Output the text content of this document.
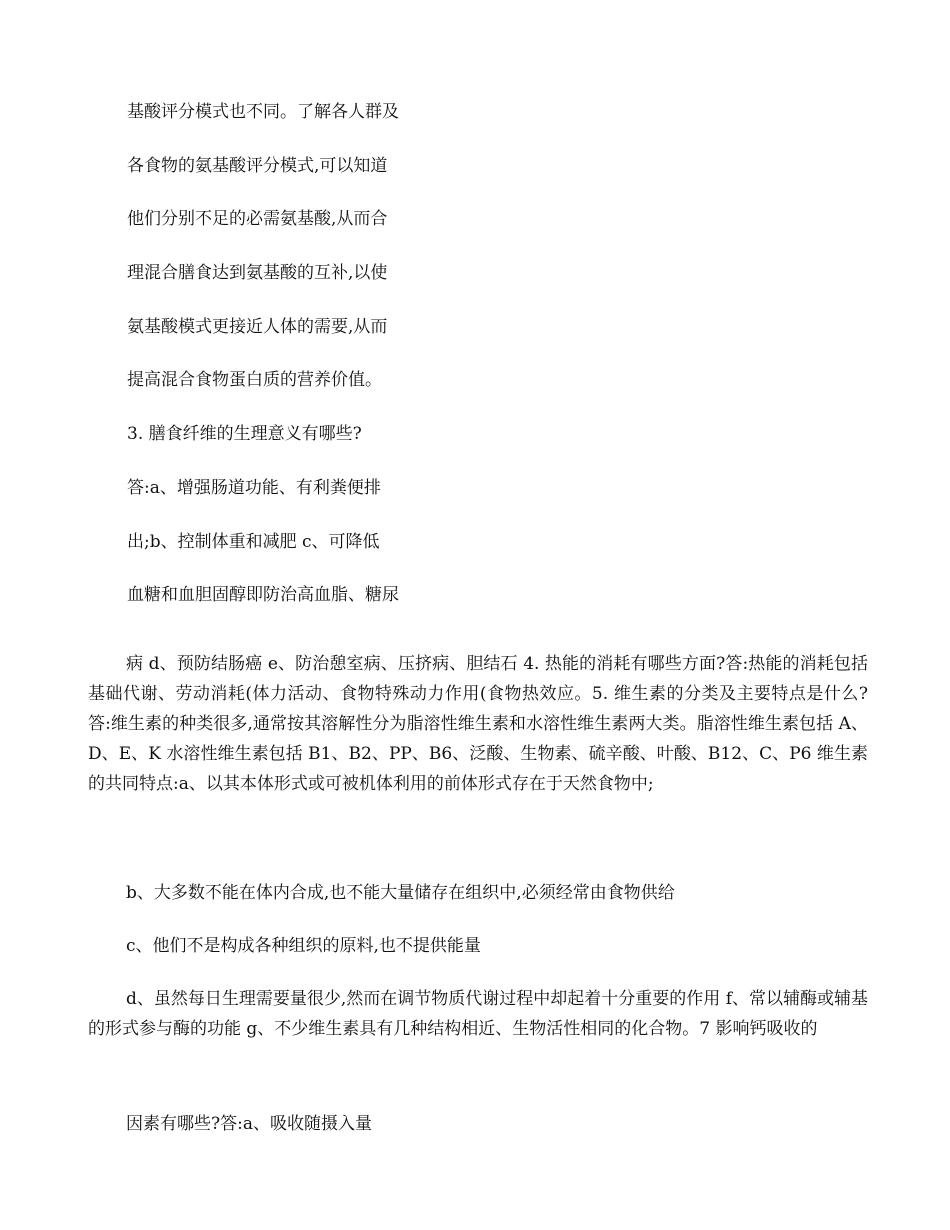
基酸评分模式也不同。了解各人群及
各食物的氨基酸评分模式,可以知道
他们分别不足的必需氨基酸,从而合
理混合膳食达到氨基酸的互补,以使
氨基酸模式更接近人体的需要,从而
提高混合食物蛋白质的营养价值。
3. 膳食纤维的生理意义有哪些?
答:a、增强肠道功能、有利粪便排
出;b、控制体重和减肥 c、可降低
血糖和血胆固醇即防治高血脂、糖尿

病 d、预防结肠癌 e、防治憩室病、压挤病、胆结石 4. 热能的消耗有哪些方面?答:热能的消耗包括基础代谢、劳动消耗(体力活动、食物特殊动力作用(食物热效应。5. 维生素的分类及主要特点是什么?答:维生素的种类很多,通常按其溶解性分为脂溶性维生素和水溶性维生素两大类。脂溶性维生素包括 A、D、E、K 水溶性维生素包括 B1、B2、PP、B6、泛酸、生物素、硫辛酸、叶酸、B12、C、P6 维生素的共同特点:a、以其本体形式或可被机体利用的前体形式存在于天然食物中;

b、大多数不能在体内合成,也不能大量储存在组织中,必须经常由食物供给

c、他们不是构成各种组织的原料,也不提供能量

d、虽然每日生理需要量很少,然而在调节物质代谢过程中却起着十分重要的作用 f、常以辅酶或辅基的形式参与酶的功能 g、不少维生素具有几种结构相近、生物活性相同的化合物。7 影响钙吸收的

因素有哪些?答:a、吸收随摄入量
